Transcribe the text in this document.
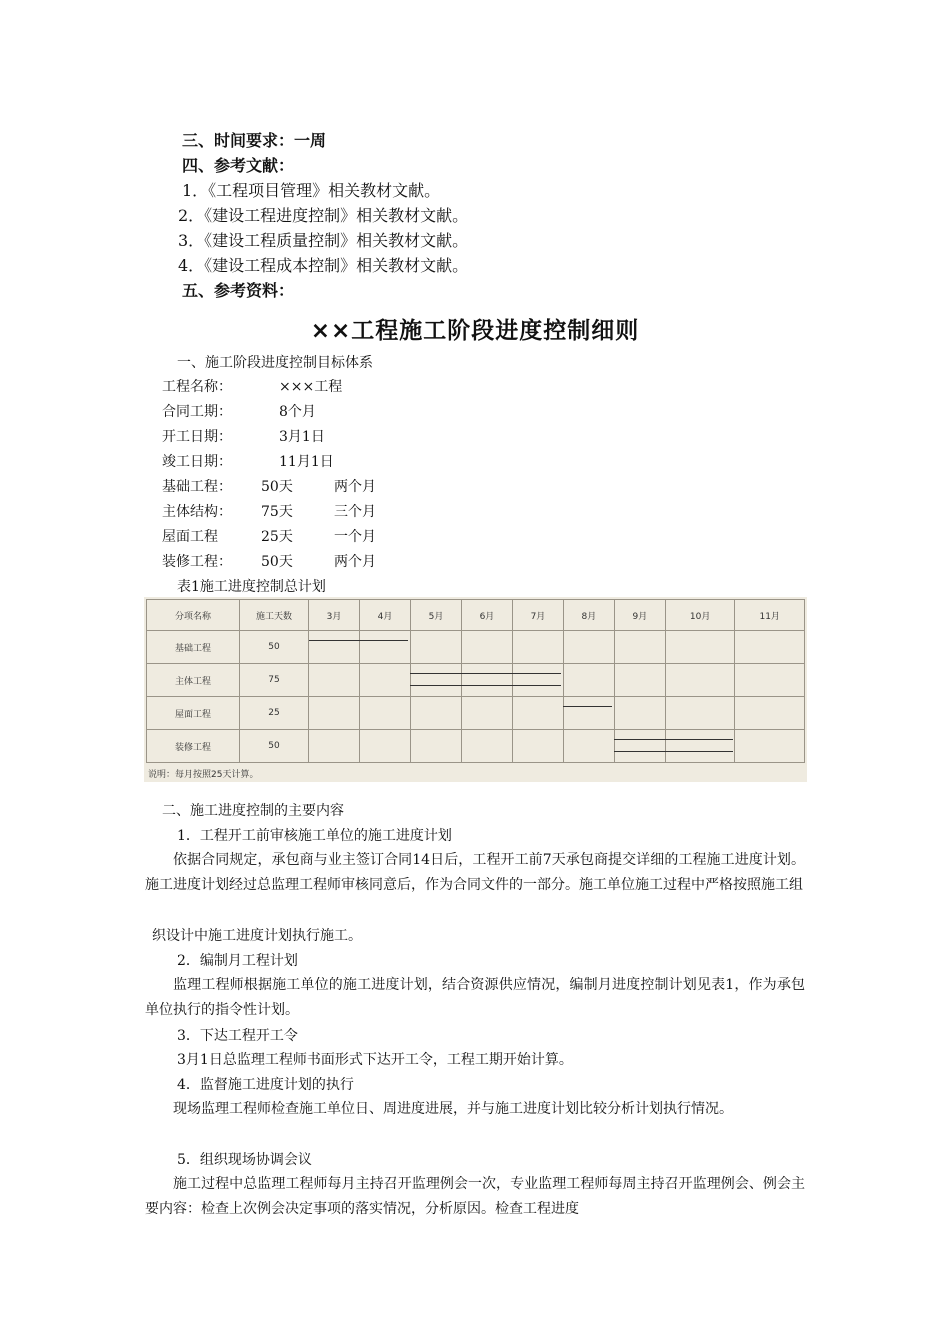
三、时间要求：一周
四、参考文献：
1．《工程项目管理》相关教材文献。
2．《建设工程进度控制》相关教材文献。
3．《建设工程质量控制》相关教材文献。
4．《建设工程成本控制》相关教材文献。
五、参考资料：
××工程施工阶段进度控制细则
一、施工阶段进度控制目标体系
工程名称：	×××工程
合同工期：	8个月
开工日期：	3月1日
竣工日期：	11月1日
基础工程： 50天	两个月
主体结构： 75天	三个月
屋面工程	25天	一个月
装修工程： 50天	两个月
表1施工进度控制总计划
分项名称	施工天数	3月	4月	5月	6月	7月	8月	9月	10月	11月
基础工程	50									
主体工程	75									
屋面工程	25									
装修工程	50									
说明：每月按照25天计算。
二、施工进度控制的主要内容
1．工程开工前审核施工单位的施工进度计划
依据合同规定，承包商与业主签订合同14日后，工程开工前7天承包商提交详细的工程施工进度计划。施工进度计划经过总监理工程师审核同意后，作为合同文件的一部分。施工单位施工过程中严格按照施工组
织设计中施工进度计划执行施工。
2．编制月工程计划
监理工程师根据施工单位的施工进度计划，结合资源供应情况，编制月进度控制计划见表1，作为承包单位执行的指令性计划。
3．下达工程开工令
3月1日总监理工程师书面形式下达开工令，工程工期开始计算。
4．监督施工进度计划的执行
现场监理工程师检查施工单位日、周进度进展，并与施工进度计划比较分析计划执行情况。
5．组织现场协调会议
施工过程中总监理工程师每月主持召开监理例会一次，专业监理工程师每周主持召开监理例会、例会主要内容：检查上次例会决定事项的落实情况，分析原因。检查工程进度
